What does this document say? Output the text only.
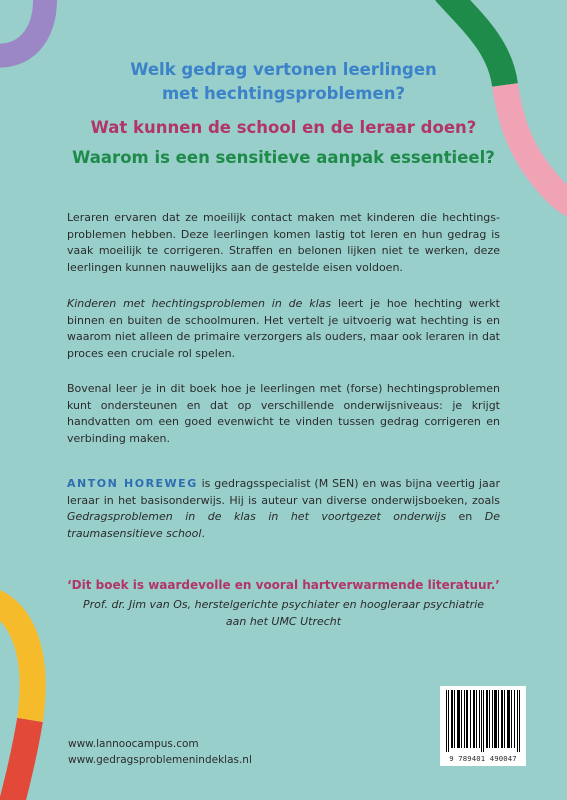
Welk gedrag vertonen leerlingen met hechtingsproblemen?
Wat kunnen de school en de leraar doen?
Waarom is een sensitieve aanpak essentieel?

Leraren ervaren dat ze moeilijk contact maken met kinderen die hechtings-problemen hebben. Deze leerlingen komen lastig tot leren en hun gedrag is vaak moeilijk te corrigeren. Straffen en belonen lijken niet te werken, deze leerlingen kunnen nauwelijks aan de gestelde eisen voldoen.

Kinderen met hechtingsproblemen in de klas leert je hoe hechting werkt binnen en buiten de schoolmuren. Het vertelt je uitvoerig wat hechting is en waarom niet alleen de primaire verzorgers als ouders, maar ook leraren in dat proces een cruciale rol spelen.

Bovenal leer je in dit boek hoe je leerlingen met (forse) hechtingsproblemen kunt ondersteunen en dat op verschillende onderwijsniveaus: je krijgt handvatten om een goed evenwicht te vinden tussen gedrag corrigeren en verbinding maken.

ANTON HOREWEG is gedragsspecialist (M SEN) en was bijna veertig jaar leraar in het basisonderwijs. Hij is auteur van diverse onderwijsboeken, zoals Gedragsproblemen in de klas in het voortgezet onderwijs en De traumasensitieve school.

‘Dit boek is waardevolle en vooral hartverwarmende literatuur.’

Prof. dr. Jim van Os, herstelgerichte psychiater en hoogleraar psychiatrie
aan het UMC Utrecht

www.lannoocampus.com
www.gedragsproblemenindeklas.nl	9 789401 490047
